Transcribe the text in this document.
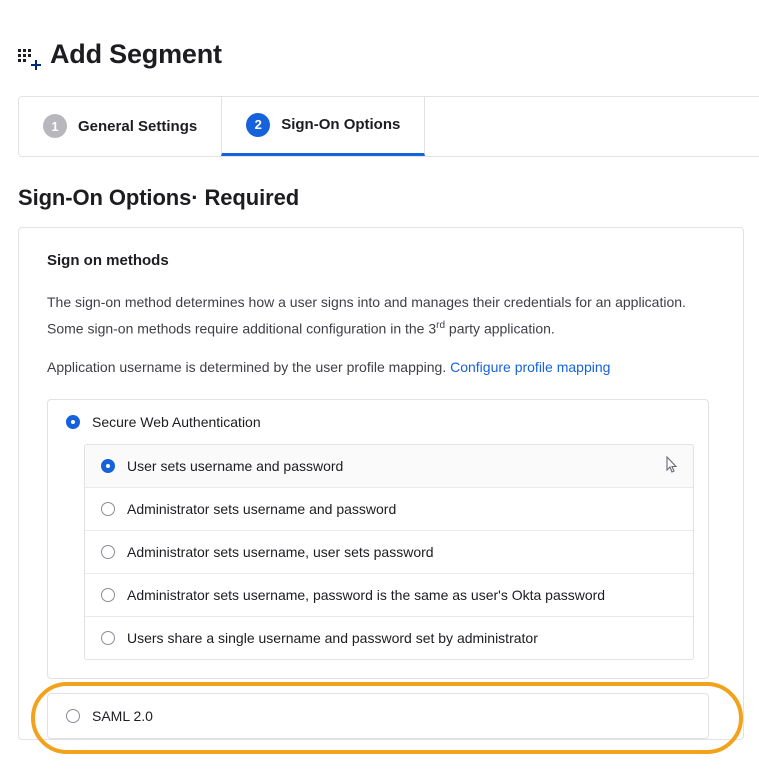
Add Segment
1	General Settings	2	Sign-On Options
Sign-On Options· Required
Sign on methods
The sign-on method determines how a user signs into and manages their credentials for an application. Some sign-on methods require additional configuration in the 3rd party application.
Application username is determined by the user profile mapping. Configure profile mapping
Secure Web Authentication
User sets username and password
Administrator sets username and password
Administrator sets username, user sets password
Administrator sets username, password is the same as user's Okta password
Users share a single username and password set by administrator
SAML 2.0
